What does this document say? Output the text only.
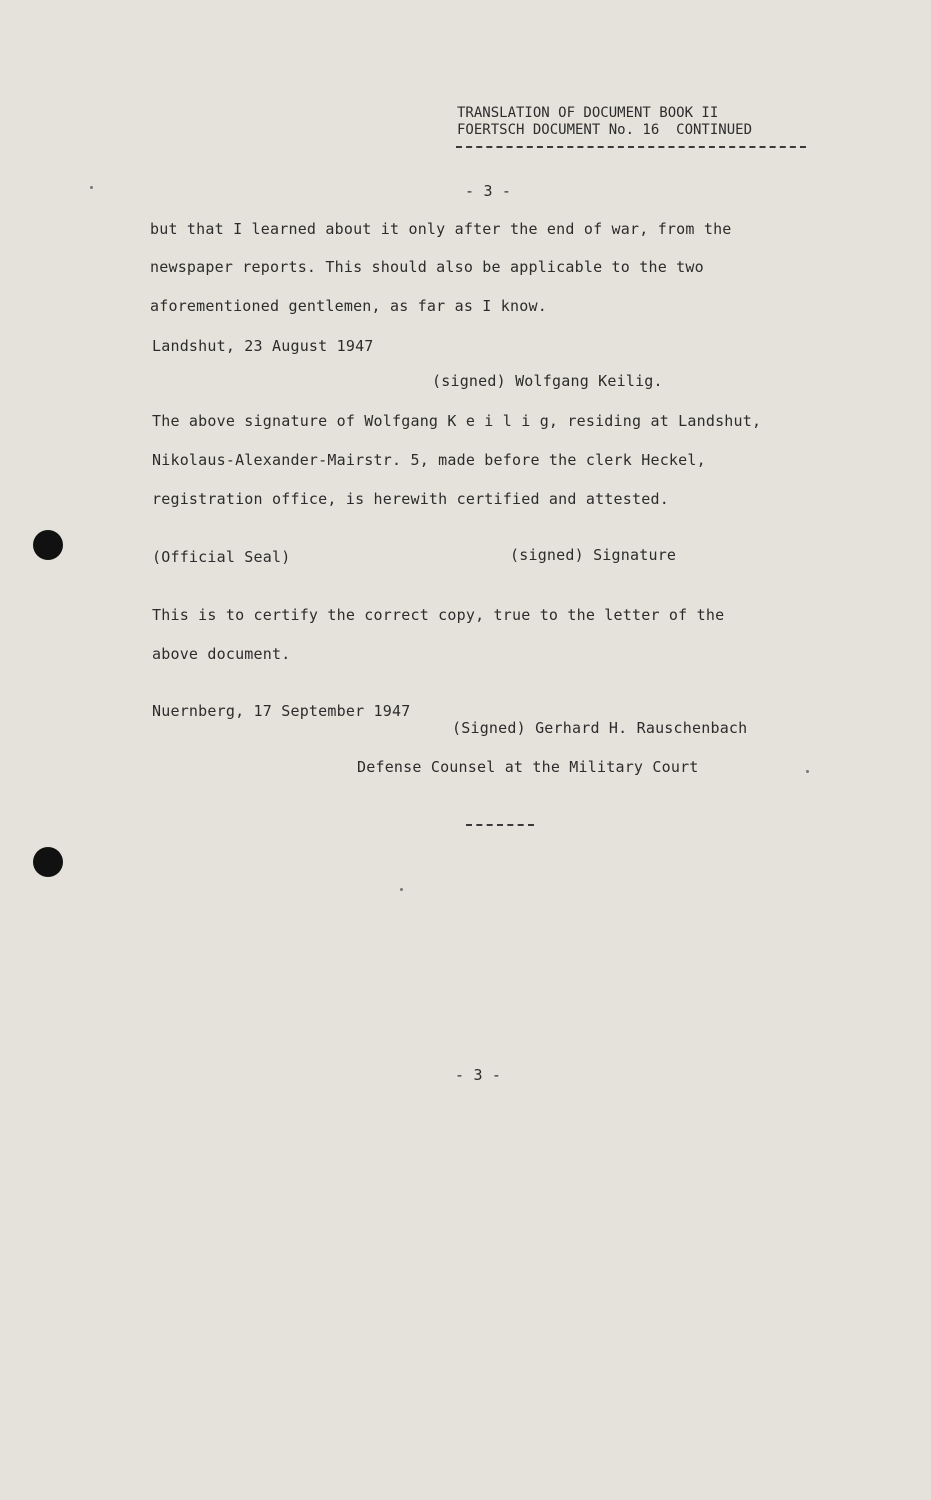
TRANSLATION OF DOCUMENT BOOK II
FOERTSCH DOCUMENT No. 16  CONTINUED
- 3 -
but that I learned about it only after the end of war, from the
newspaper reports. This should also be applicable to the two
aforementioned gentlemen, as far as I know.
Landshut, 23 August 1947
(signed) Wolfgang Keilig.
The above signature of Wolfgang K e i l i g, residing at Landshut,
Nikolaus-Alexander-Mairstr. 5, made before the clerk Heckel,
registration office, is herewith certified and attested.
(Official Seal)	(signed) Signature
This is to certify the correct copy, true to the letter of the
above document.
Nuernberg, 17 September 1947
(Signed) Gerhard H. Rauschenbach
Defense Counsel at the Military Court
- 3 -
